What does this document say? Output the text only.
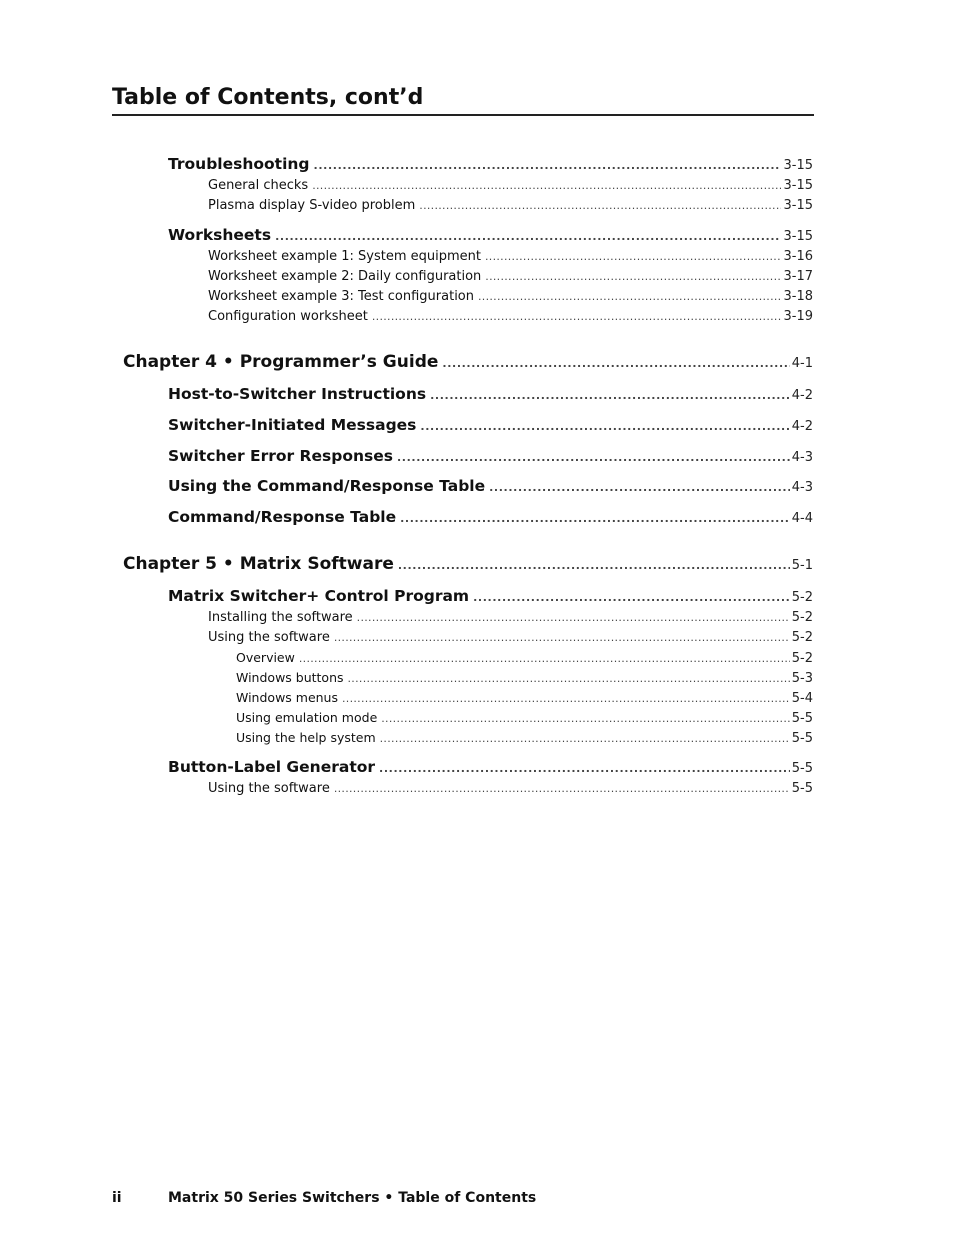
Table of Contents, cont’d
Troubleshooting . . .	3-15
General checks . . .	3-15
Plasma display S-video problem . . .	3-15
Worksheets . . .	3-15
Worksheet example 1: System equipment . . .	3-16
Worksheet example 2: Daily configuration . . .	3-17
Worksheet example 3: Test configuration . . .	3-18
Configuration worksheet . . .	3-19
Chapter 4 • Programmer’s Guide . . .	4-1
Host-to-Switcher Instructions . . .	4-2
Switcher-Initiated Messages . . .	4-2
Switcher Error Responses . . .	4-3
Using the Command/Response Table . . .	4-3
Command/Response Table . . .	4-4
Chapter 5 • Matrix Software . . .	5-1
Matrix Switcher+ Control Program . . .	5-2
Installing the software . . .	5-2
Using the software . . .	5-2
Overview . . .	5-2
Windows buttons . . .	5-3
Windows menus . . .	5-4
Using emulation mode . . .	5-5
Using the help system . . .	5-5
Button-Label Generator . . .	5-5
Using the software . . .	5-5
ii	Matrix 50 Series Switchers • Table of Contents
